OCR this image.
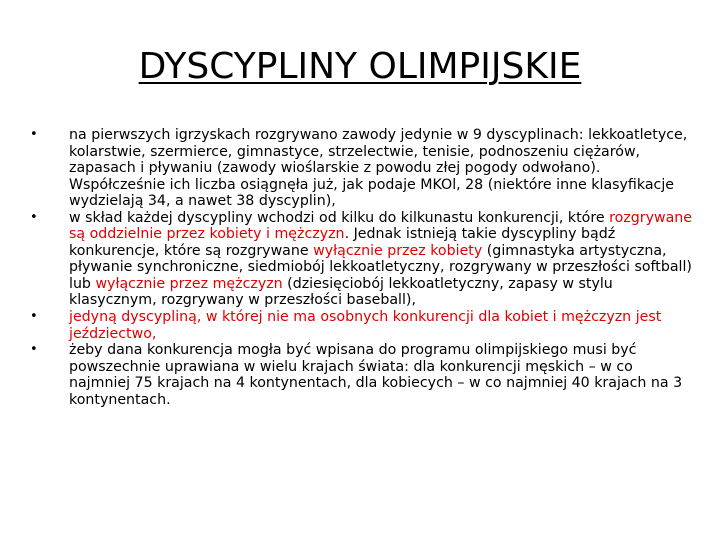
DYSCYPLINY OLIMPIJSKIE
• na pierwszych igrzyskach rozgrywano zawody jedynie w 9 dyscyplinach: lekkoatletyce, kolarstwie, szermierce, gimnastyce, strzelectwie, tenisie, podnoszeniu ciężarów, zapasach i pływaniu (zawody wioślarskie z powodu złej pogody odwołano). Współcześnie ich liczba osiągnęła już, jak podaje MKOl, 28 (niektóre inne klasyfikacje wydzielają 34, a nawet 38 dyscyplin),
• w skład każdej dyscypliny wchodzi od kilku do kilkunastu konkurencji, które rozgrywane są oddzielnie przez kobiety i mężczyzn. Jednak istnieją takie dyscypliny bądź konkurencje, które są rozgrywane wyłącznie przez kobiety (gimnastyka artystyczna, pływanie synchroniczne, siedmiobój lekkoatletyczny, rozgrywany w przeszłości softball) lub wyłącznie przez mężczyzn (dziesięciobój lekkoatletyczny, zapasy w stylu klasycznym, rozgrywany w przeszłości baseball),
• jedyną dyscypliną, w której nie ma osobnych konkurencji dla kobiet i mężczyzn jest jeździectwo,
• żeby dana konkurencja mogła być wpisana do programu olimpijskiego musi być powszechnie uprawiana w wielu krajach świata: dla konkurencji męskich – w co najmniej 75 krajach na 4 kontynentach, dla kobiecych – w co najmniej 40 krajach na 3 kontynentach.
